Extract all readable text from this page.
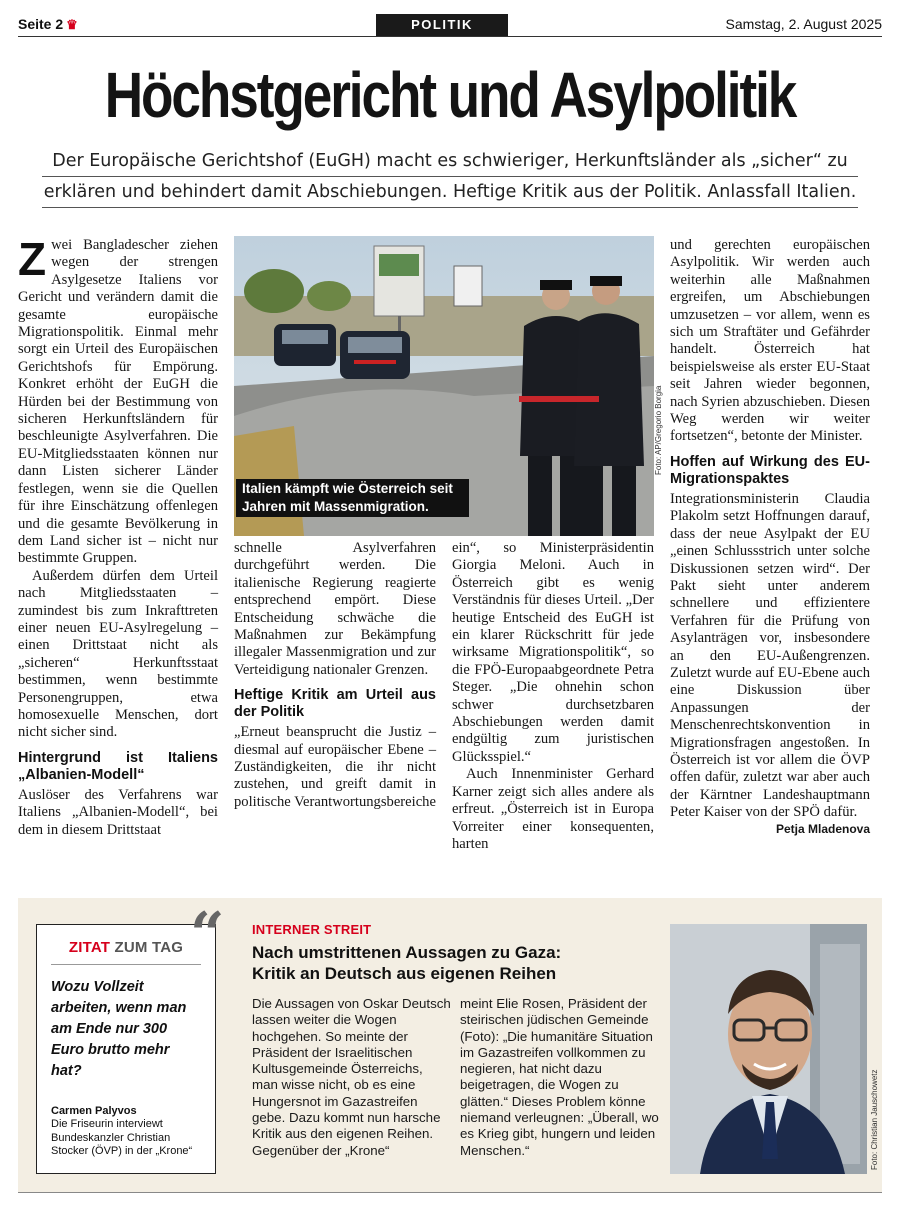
Seite 2 ♛	POLITIK	Samstag, 2. August 2025
Höchstgericht und Asylpolitik
Der Europäische Gerichtshof (EuGH) macht es schwieriger, Herkunftsländer als „sicher“ zu
erklären und behindert damit Abschiebungen. Heftige Kritik aus der Politik. Anlassfall Italien.

Zwei Bangladescher ziehen wegen der strengen Asylgesetze Italiens vor Gericht und verändern damit die gesamte europäische Migrationspolitik. Einmal mehr sorgt ein Urteil des Europäischen Gerichtshofs für Empörung. Konkret erhöht der EuGH die Hürden bei der Bestimmung von sicheren Herkunftsländern für beschleunigte Asylverfahren. Die EU-Mitgliedsstaaten können nur dann Listen sicherer Länder festlegen, wenn sie die Quellen für ihre Einschätzung offenlegen und die gesamte Bevölkerung in dem Land sicher ist – nicht nur bestimmte Gruppen.

Außerdem dürfen dem Urteil nach Mitgliedsstaaten – zumindest bis zum Inkrafttreten einer neuen EU-Asylregelung – einen Drittstaat nicht als „sicheren“ Herkunftsstaat bestimmen, wenn bestimmte Personengruppen, etwa homosexuelle Menschen, dort nicht sicher sind.

Hintergrund ist Italiens „Albanien-Modell“

Auslöser des Verfahrens war Italiens „Albanien-Modell“, bei dem in diesem Drittstaat

Italien kämpft wie Österreich seit Jahren mit Massenmigration.
Foto: AP/Gregorio Borgia

schnelle Asylverfahren durchgeführt werden. Die italienische Regierung reagierte entsprechend empört. Diese Entscheidung schwäche die Maßnahmen zur Bekämpfung illegaler Massenmigration und zur Verteidigung nationaler Grenzen.

Heftige Kritik am Urteil aus der Politik

„Erneut beansprucht die Justiz – diesmal auf europäischer Ebene – Zuständigkeiten, die ihr nicht zustehen, und greift damit in politische Verantwortungsbereiche

ein“, so Ministerpräsidentin Giorgia Meloni. Auch in Österreich gibt es wenig Verständnis für dieses Urteil. „Der heutige Entscheid des EuGH ist ein klarer Rückschritt für jede wirksame Migrationspolitik“, so die FPÖ-Europaabgeordnete Petra Steger. „Die ohnehin schon schwer durchsetzbaren Abschiebungen werden damit endgültig zum juristischen Glücksspiel.“

Auch Innenminister Gerhard Karner zeigt sich alles andere als erfreut. „Österreich ist in Europa Vorreiter einer konsequenten, harten

und gerechten europäischen Asylpolitik. Wir werden auch weiterhin alle Maßnahmen ergreifen, um Abschiebungen umzusetzen – vor allem, wenn es sich um Straftäter und Gefährder handelt. Österreich hat beispielsweise als erster EU-Staat seit Jahren wieder begonnen, nach Syrien abzuschieben. Diesen Weg werden wir weiter fortsetzen“, betonte der Minister.

Hoffen auf Wirkung des EU-Migrationspaktes

Integrationsministerin Claudia Plakolm setzt Hoffnungen darauf, dass der neue Asylpakt der EU „einen Schlussstrich unter solche Diskussionen setzen wird“. Der Pakt sieht unter anderem schnellere und effizientere Verfahren für die Prüfung von Asylanträgen vor, insbesondere an den EU-Außengrenzen. Zuletzt wurde auf EU-Ebene auch eine Diskussion über Anpassungen der Menschenrechtskonvention in Migrationsfragen angestoßen. In Österreich ist vor allem die ÖVP offen dafür, zuletzt war aber auch der Kärntner Landeshauptmann Peter Kaiser von der SPÖ dafür.

Petja Mladenova
ZITAT ZUM TAG
Wozu Vollzeit arbeiten, wenn man am Ende nur 300 Euro brutto mehr hat?
Carmen Palyvos
Die Friseurin interviewt Bundeskanzler Christian Stocker (ÖVP) in der „Krone“
“ INTERNER STREIT
Nach umstrittenen Aussagen zu Gaza:
Kritik an Deutsch aus eigenen Reihen
Die Aussagen von Oskar Deutsch lassen weiter die Wogen hochgehen. So meinte der Präsident der Israelitischen Kultusgemeinde Österreichs, man wisse nicht, ob es eine Hungersnot im Gazastreifen gebe. Dazu kommt nun harsche Kritik aus den eigenen Reihen. Gegenüber der „Krone“
meint Elie Rosen, Präsident der steirischen jüdischen Gemeinde (Foto): „Die humanitäre Situation im Gazastreifen vollkommen zu negieren, hat nicht dazu beigetragen, die Wogen zu glätten.“ Dieses Problem könne niemand verleugnen: „Überall, wo es Krieg gibt, hungern und leiden Menschen.“	Foto: Christian Jauschowetz
